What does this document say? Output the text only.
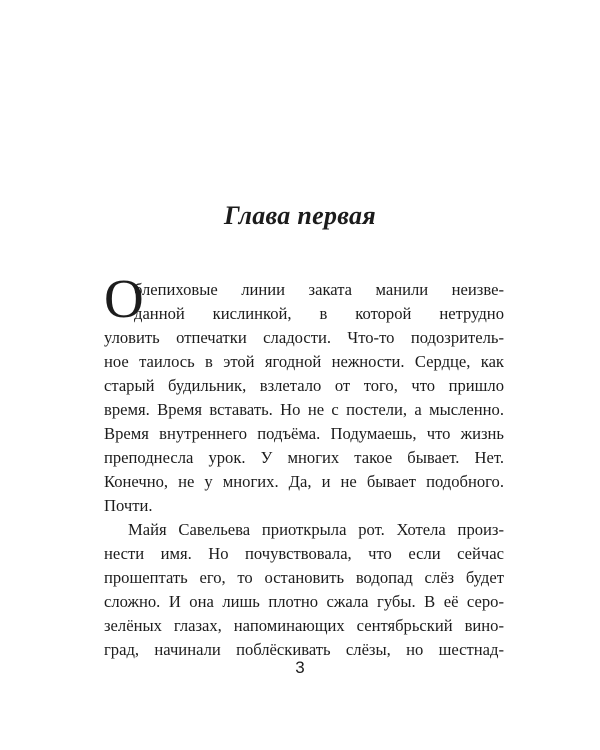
Глава первая
О
блепиховые линии заката манили неизве-
данной кислинкой, в которой нетрудно
уловить отпечатки сладости. Что-то подозритель-
ное таилось в этой ягодной нежности. Сердце, как
старый будильник, взлетало от того, что пришло
время. Время вставать. Но не с постели, а мысленно.
Время внутреннего подъёма. Подумаешь, что жизнь
преподнесла урок. У многих такое бывает. Нет.
Конечно, не у многих. Да, и не бывает подобного.
Почти.
Майя Савельева приоткрыла рот. Хотела произ-
нести имя. Но почувствовала, что если сейчас
прошептать его, то остановить водопад слёз будет
сложно. И она лишь плотно сжала губы. В её серо-
зелёных глазах, напоминающих сентябрьский вино-
град, начинали поблёскивать слёзы, но шестнад-
3
